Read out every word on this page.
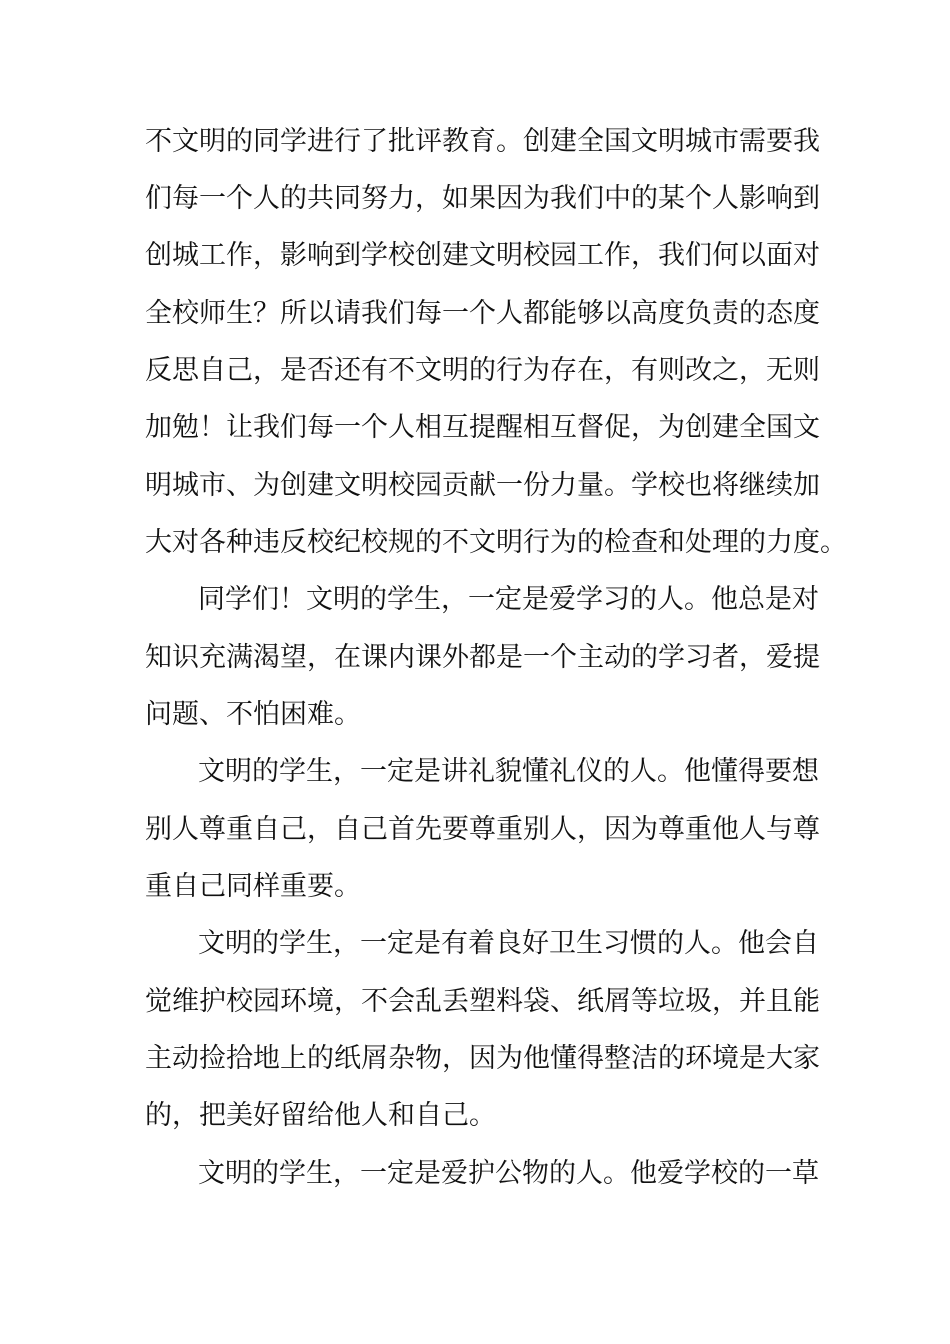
不文明的同学进行了批评教育。创建全国文明城市需要我
们每一个人的共同努力，如果因为我们中的某个人影响到
创城工作，影响到学校创建文明校园工作，我们何以面对
全校师生？所以请我们每一个人都能够以高度负责的态度
反思自己，是否还有不文明的行为存在，有则改之，无则
加勉！让我们每一个人相互提醒相互督促，为创建全国文
明城市、为创建文明校园贡献一份力量。学校也将继续加
大对各种违反校纪校规的不文明行为的检查和处理的力度。
同学们！文明的学生，一定是爱学习的人。他总是对
知识充满渴望，在课内课外都是一个主动的学习者，爱提
问题、不怕困难。
文明的学生，一定是讲礼貌懂礼仪的人。他懂得要想
别人尊重自己，自己首先要尊重别人，因为尊重他人与尊
重自己同样重要。
文明的学生，一定是有着良好卫生习惯的人。他会自
觉维护校园环境，不会乱丢塑料袋、纸屑等垃圾，并且能
主动捡拾地上的纸屑杂物，因为他懂得整洁的环境是大家
的，把美好留给他人和自己。
文明的学生，一定是爱护公物的人。他爱学校的一草
